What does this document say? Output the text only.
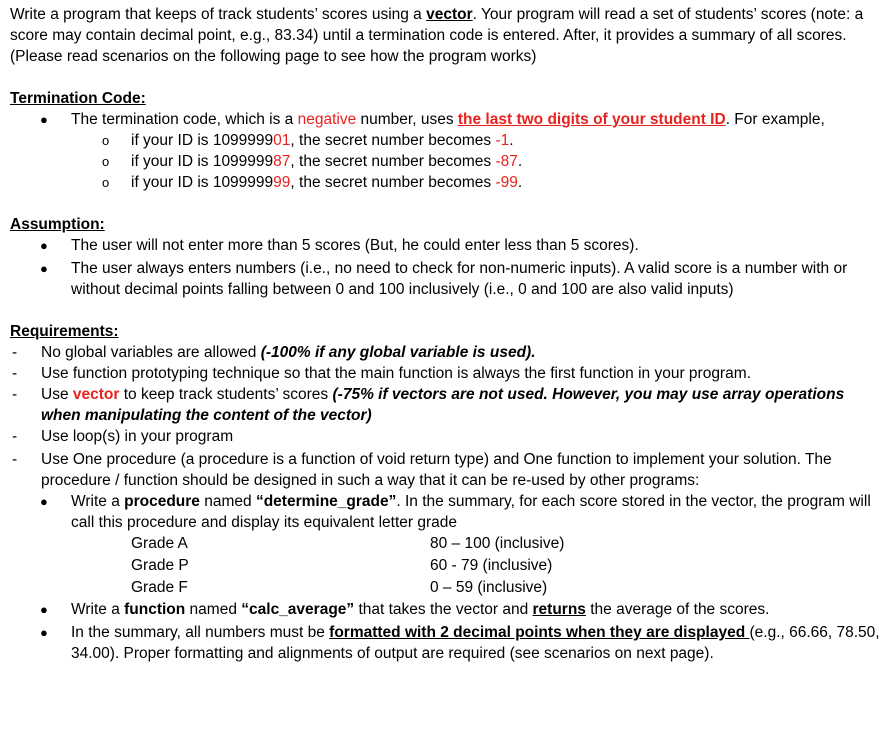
Write a program that keeps of track students’ scores using a vector. Your program will read a set of students’ scores (note: a score may contain decimal point, e.g., 83.34) until a termination code is entered. After, it provides a summary of all scores. (Please read scenarios on the following page to see how the program works)

Termination Code:

● The termination code, which is a negative number, uses the last two digits of your student ID. For example,
o if your ID is 109999901, the secret number becomes -1.
o if your ID is 109999987, the secret number becomes -87.
o if your ID is 109999999, the secret number becomes -99.

Assumption:

● The user will not enter more than 5 scores (But, he could enter less than 5 scores).
● The user always enters numbers (i.e., no need to check for non-numeric inputs). A valid score is a number with or without decimal points falling between 0 and 100 inclusively (i.e., 0 and 100 are also valid inputs)

Requirements:

- No global variables are allowed (-100% if any global variable is used).
- Use function prototyping technique so that the main function is always the first function in your program.
- Use vector to keep track students’ scores (-75% if vectors are not used. However, you may use array operations when manipulating the content of the vector)
- Use loop(s) in your program
- Use One procedure (a procedure is a function of void return type) and One function to implement your solution. The procedure / function should be designed in such a way that it can be re-used by other programs:
● Write a procedure named “determine_grade”. In the summary, for each score stored in the vector, the program will call this procedure and display its equivalent letter grade
Grade A	80 – 100 (inclusive)
Grade P	60 - 79 (inclusive)
Grade F	0 – 59 (inclusive)
● Write a function named “calc_average” that takes the vector and returns the average of the scores.
● In the summary, all numbers must be formatted with 2 decimal points when they are displayed (e.g., 66.66, 78.50, 34.00). Proper formatting and alignments of output are required (see scenarios on next page).
